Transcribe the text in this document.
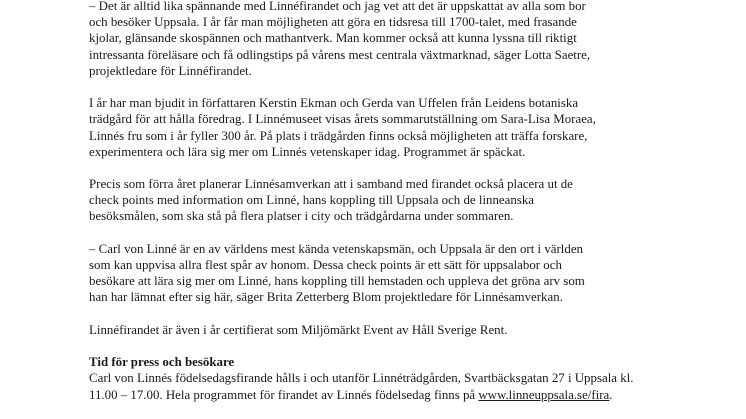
– Det är alltid lika spännande med Linnéfirandet och jag vet att det är uppskattat av alla som bor
och besöker Uppsala. I år får man möjligheten att göra en tidsresa till 1700-talet, med frasande
kjolar, glänsande skospännen och mathantverk. Man kommer också att kunna lyssna till riktigt
intressanta föreläsare och få odlingstips på vårens mest centrala växtmarknad, säger Lotta Saetre,
projektledare för Linnéfirandet.
I år har man bjudit in författaren Kerstin Ekman och Gerda van Uffelen från Leidens botaniska
trädgård för att hålla föredrag. I Linnémuseet visas årets sommarutställning om Sara-Lisa Moraea,
Linnés fru som i år fyller 300 år. På plats i trädgården finns också möjligheten att träffa forskare,
experimentera och lära sig mer om Linnés vetenskaper idag. Programmet är späckat.
Precis som förra året planerar Linnésamverkan att i samband med firandet också placera ut de
check points med information om Linné, hans koppling till Uppsala och de linneanska
besöksmålen, som ska stå på flera platser i city och trädgårdarna under sommaren.
– Carl von Linné är en av världens mest kända vetenskapsmän, och Uppsala är den ort i världen
som kan uppvisa allra flest spår av honom. Dessa check points är ett sätt för uppsalabor och
besökare att lära sig mer om Linné, hans koppling till hemstaden och uppleva det gröna arv som
han har lämnat efter sig här, säger Brita Zetterberg Blom projektledare för Linnésamverkan.
Linnéfirandet är även i år certifierat som Miljömärkt Event av Håll Sverige Rent.
Tid för press och besökare
Carl von Linnés födelsedagsfirande hålls i och utanför Linnéträdgården, Svartbäcksgatan 27 i Uppsala kl.
11.00 – 17.00. Hela programmet för firandet av Linnés födelsedag finns på www.linneuppsala.se/fira.
